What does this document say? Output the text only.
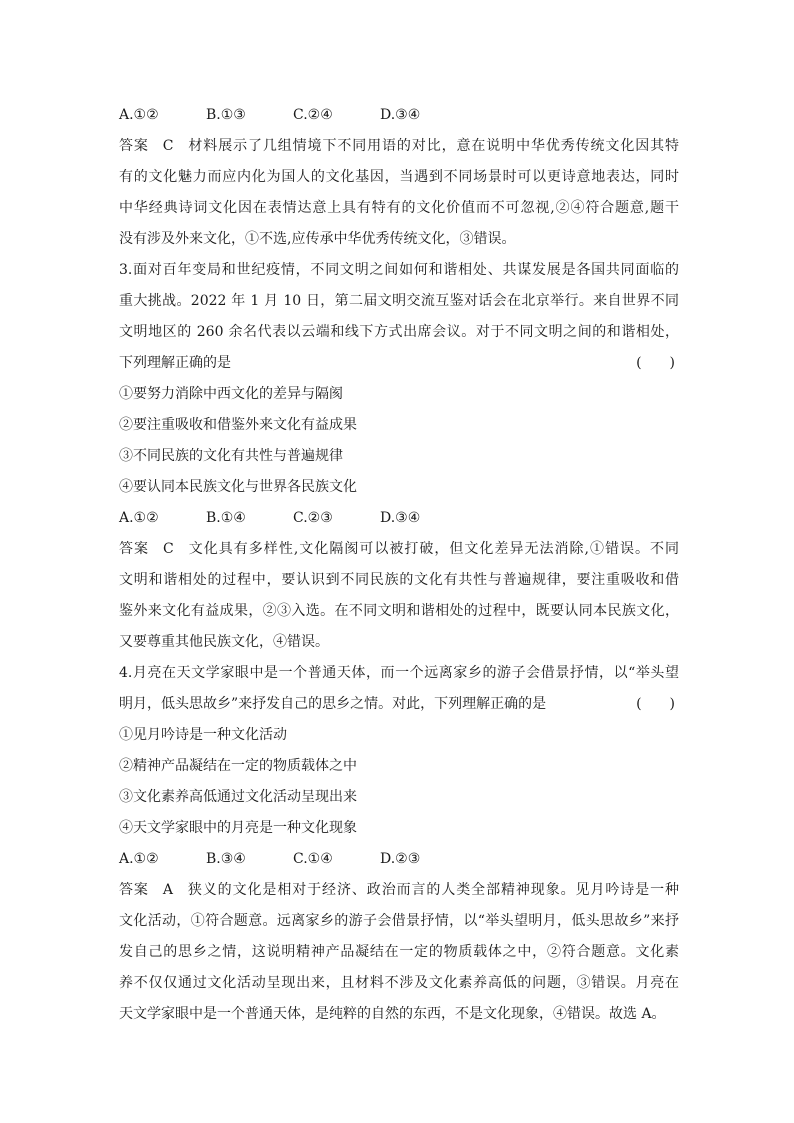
A.①②	B.①③	C.②④	D.③④
答案 C 材料展示了几组情境下不同用语的对比，意在说明中华优秀传统文化因其特
有的文化魅力而应内化为国人的文化基因，当遇到不同场景时可以更诗意地表达，同时
中华经典诗词文化因在表情达意上具有特有的文化价值而不可忽视,②④符合题意,题干
没有涉及外来文化，①不选,应传承中华优秀传统文化，③错误。
3.面对百年变局和世纪疫情，不同文明之间如何和谐相处、共谋发展是各国共同面临的
重大挑战。2022 年 1 月 10 日，第二届文明交流互鉴对话会在北京举行。来自世界不同
文明地区的 260 余名代表以云端和线下方式出席会议。对于不同文明之间的和谐相处，
下列理解正确的是	(　　)
①要努力消除中西文化的差异与隔阂
②要注重吸收和借鉴外来文化有益成果
③不同民族的文化有共性与普遍规律
④要认同本民族文化与世界各民族文化
A.①②	B.①④	C.②③	D.③④
答案 C 文化具有多样性,文化隔阂可以被打破，但文化差异无法消除,①错误。不同
文明和谐相处的过程中，要认识到不同民族的文化有共性与普遍规律，要注重吸收和借
鉴外来文化有益成果，②③入选。在不同文明和谐相处的过程中，既要认同本民族文化，
又要尊重其他民族文化，④错误。
4.月亮在天文学家眼中是一个普通天体，而一个远离家乡的游子会借景抒情，以“举头望
明月，低头思故乡”来抒发自己的思乡之情。对此，下列理解正确的是	(　　)
①见月吟诗是一种文化活动
②精神产品凝结在一定的物质载体之中
③文化素养高低通过文化活动呈现出来
④天文学家眼中的月亮是一种文化现象
A.①②	B.③④	C.①④	D.②③
答案 A 狭义的文化是相对于经济、政治而言的人类全部精神现象。见月吟诗是一种
文化活动，①符合题意。远离家乡的游子会借景抒情，以“举头望明月，低头思故乡”来抒
发自己的思乡之情，这说明精神产品凝结在一定的物质载体之中，②符合题意。文化素
养不仅仅通过文化活动呈现出来，且材料不涉及文化素养高低的问题，③错误。月亮在
天文学家眼中是一个普通天体，是纯粹的自然的东西，不是文化现象，④错误。故选 A。
